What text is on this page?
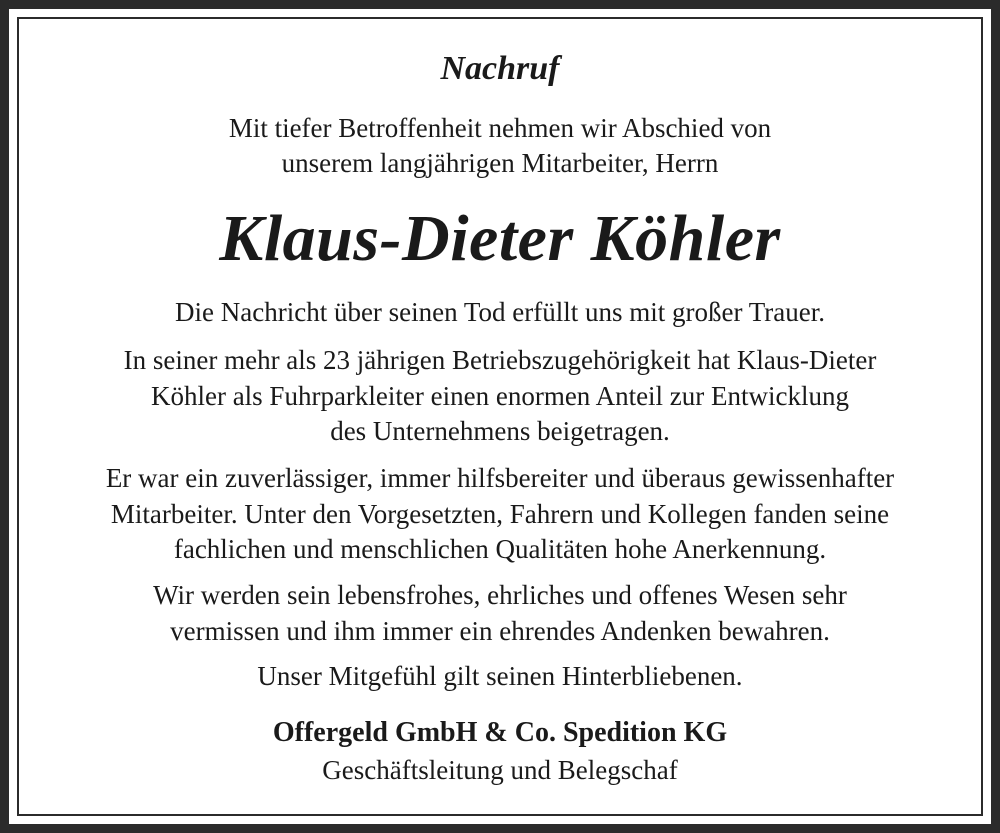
Nachruf
Mit tiefer Betroffenheit nehmen wir Abschied von
unserem langjährigen Mitarbeiter, Herrn
Klaus-Dieter Köhler
Die Nachricht über seinen Tod erfüllt uns mit großer Trauer.
In seiner mehr als 23 jährigen Betriebszugehörigkeit hat Klaus-Dieter
Köhler als Fuhrparkleiter einen enormen Anteil zur Entwicklung
des Unternehmens beigetragen.
Er war ein zuverlässiger, immer hilfsbereiter und überaus gewissenhafter
Mitarbeiter. Unter den Vorgesetzten, Fahrern und Kollegen fanden seine
fachlichen und menschlichen Qualitäten hohe Anerkennung.
Wir werden sein lebensfrohes, ehrliches und offenes Wesen sehr
vermissen und ihm immer ein ehrendes Andenken bewahren.
Unser Mitgefühl gilt seinen Hinterbliebenen.
Offergeld GmbH & Co. Spedition KG
Geschäftsleitung und Belegschaf
